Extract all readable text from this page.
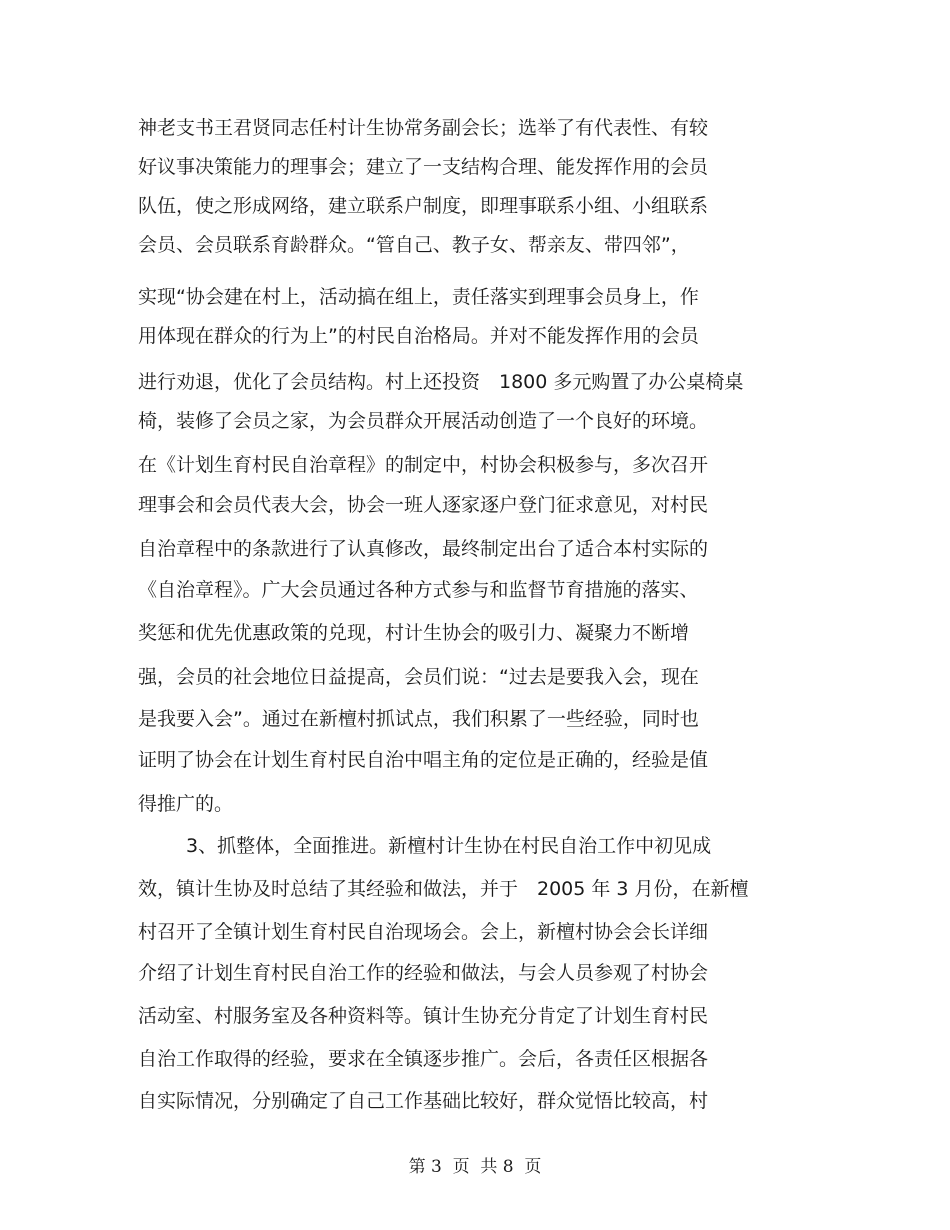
神老支书王君贤同志任村计生协常务副会长；选举了有代表性、有较
好议事决策能力的理事会；建立了一支结构合理、能发挥作用的会员
队伍，使之形成网络，建立联系户制度，即理事联系小组、小组联系
会员、会员联系育龄群众。“管自己、教子女、帮亲友、带四邻”，
实现“协会建在村上，活动搞在组上，责任落实到理事会员身上，作
用体现在群众的行为上”的村民自治格局。并对不能发挥作用的会员
进行劝退，优化了会员结构。村上还投资　1800 多元购置了办公桌椅桌
椅，装修了会员之家，为会员群众开展活动创造了一个良好的环境。
在《计划生育村民自治章程》的制定中，村协会积极参与，多次召开
理事会和会员代表大会，协会一班人逐家逐户登门征求意见，对村民
自治章程中的条款进行了认真修改，最终制定出台了适合本村实际的
《自治章程》。广大会员通过各种方式参与和监督节育措施的落实、
奖惩和优先优惠政策的兑现，村计生协会的吸引力、凝聚力不断增
强，会员的社会地位日益提高，会员们说：“过去是要我入会，现在
是我要入会”。通过在新檀村抓试点，我们积累了一些经验，同时也
证明了协会在计划生育村民自治中唱主角的定位是正确的，经验是值
得推广的。
3、抓整体，全面推进。新檀村计生协在村民自治工作中初见成
效，镇计生协及时总结了其经验和做法，并于　2005 年 3 月份，在新檀
村召开了全镇计划生育村民自治现场会。会上，新檀村协会会长详细
介绍了计划生育村民自治工作的经验和做法，与会人员参观了村协会
活动室、村服务室及各种资料等。镇计生协充分肯定了计划生育村民
自治工作取得的经验，要求在全镇逐步推广。会后，各责任区根据各
自实际情况，分别确定了自己工作基础比较好，群众觉悟比较高，村
第 3  页  共 8  页
